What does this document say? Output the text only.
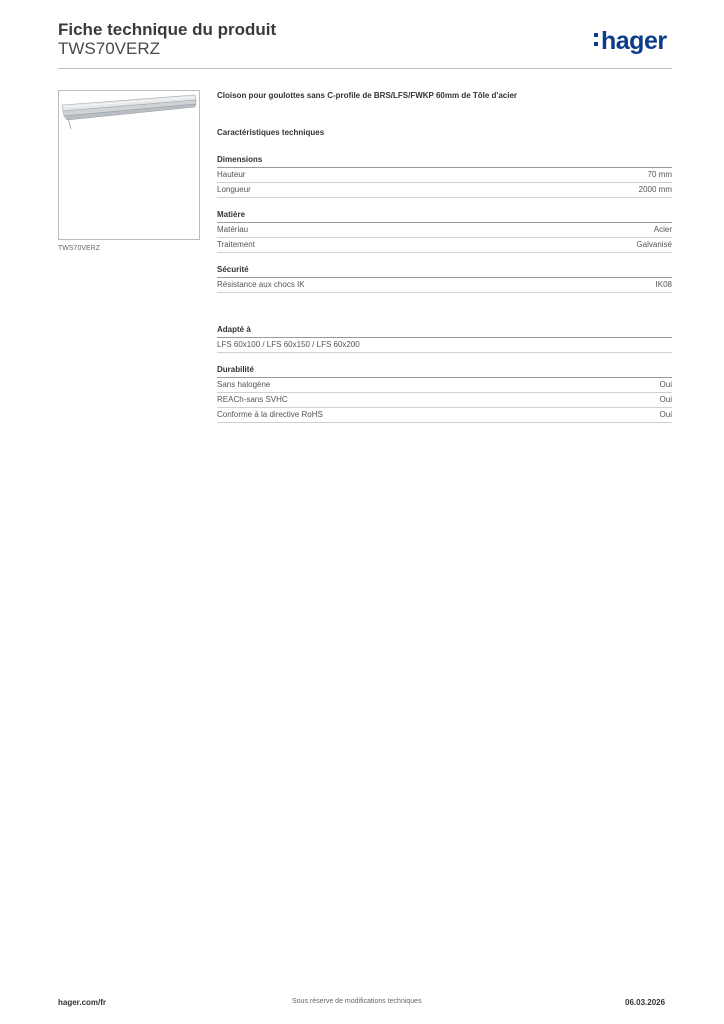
Fiche technique du produit
TWS70VERZ	hager
TWS70VERZ
Cloison pour goulottes sans C-profile de BRS/LFS/FWKP 60mm de Tôle d'acier
Caractéristiques techniques
Dimensions
Hauteur	70 mm
Longueur	2000 mm
Matière
Matériau	Acier
Traitement	Galvanisé
Sécurité
Résistance aux chocs IK	IK08
Adapté à
LFS 60x100 / LFS 60x150 / LFS 60x200
Durabilité
Sans halogène	Oui
REACh-sans SVHC	Oui
Conforme à la directive RoHS	Oui
hager.com/fr	Sous réserve de modifications techniques	06.03.2026
